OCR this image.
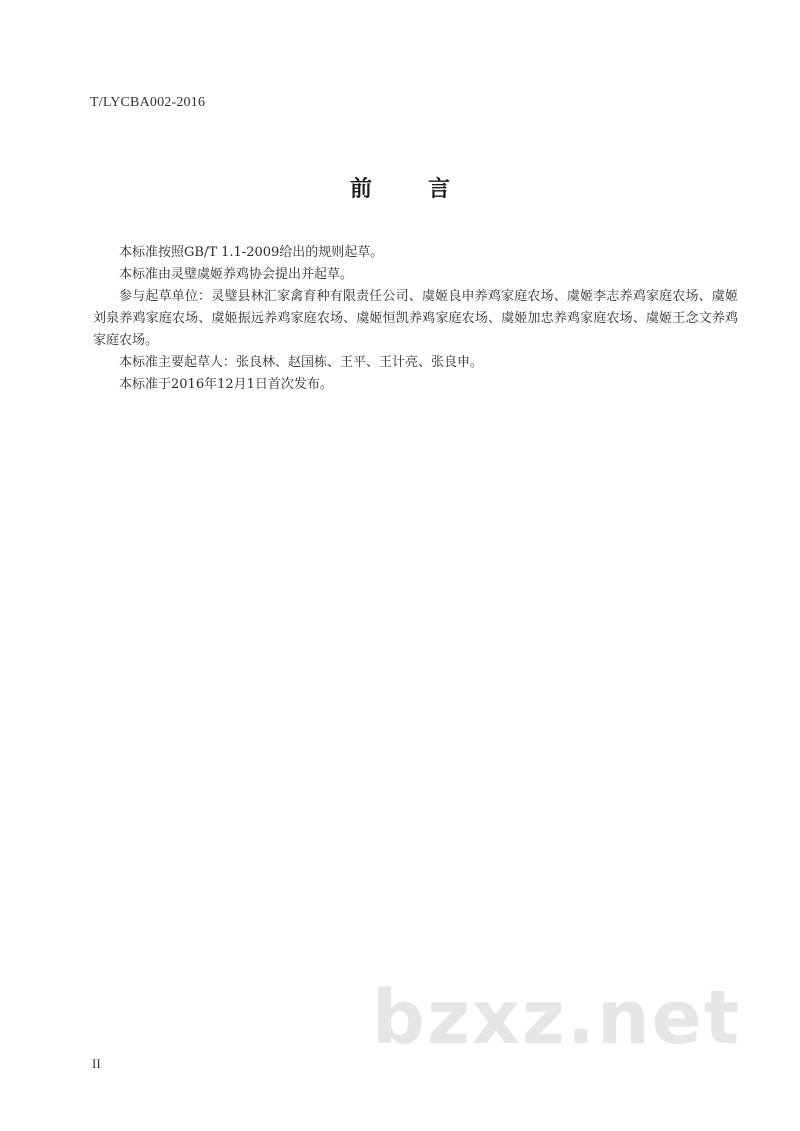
T/LYCBA002-2016
前言

本标准按照GB/T 1.1-2009给出的规则起草。

本标准由灵璧虞姬养鸡协会提出并起草。

参与起草单位：灵璧县林汇家禽育种有限责任公司、虞姬良申养鸡家庭农场、虞姬李志养鸡家庭农场、虞姬刘泉养鸡家庭农场、虞姬振远养鸡家庭农场、虞姬恒凯养鸡家庭农场、虞姬加忠养鸡家庭农场、虞姬王念文养鸡家庭农场。

本标准主要起草人：张良林、赵国栋、王平、王计亮、张良申。

本标准于2016年12月1日首次发布。

bzxz.net
II
